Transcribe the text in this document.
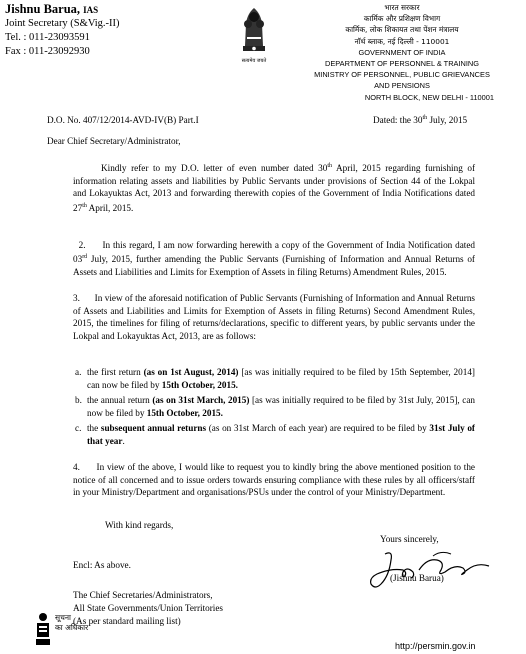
Jishnu Barua, IAS
Joint Secretary (S&Vig.-II)
Tel. : 011-23093591
Fax : 011-23092930
सत्यमेव जयते
भारत सरकार
कार्मिक और प्रशिक्षण विभाग
कार्मिक, लोक शिकायत तथा पेंशन मंत्रालय
नॉर्थ ब्लाक, नई दिल्ली - 110001
GOVERNMENT OF INDIA
DEPARTMENT OF PERSONNEL & TRAINING
MINISTRY OF PERSONNEL, PUBLIC GRIEVANCES
AND PENSIONS
NORTH BLOCK, NEW DELHI - 110001
D.O. No. 407/12/2014-AVD-IV(B) Part.I	Dated: the 30th July, 2015
Dear Chief Secretary/Administrator,
Kindly refer to my D.O. letter of even number dated 30th April, 2015 regarding furnishing of information relating assets and liabilities by Public Servants under provisions of Section 44 of the Lokpal and Lokayuktas Act, 2013 and forwarding therewith copies of the Government of India Notifications dated 27th April, 2015.

2.      In this regard, I am now forwarding herewith a copy of the Government of India Notification dated 03rd July, 2015, further amending the Public Servants (Furnishing of Information and Annual Returns of Assets and Liabilities and Limits for Exemption of Assets in filing Returns) Amendment Rules, 2015.

3.      In view of the aforesaid notification of Public Servants (Furnishing of Information and Annual Returns of Assets and Liabilities and Limits for Exemption of Assets in filing Returns) Second Amendment Rules, 2015, the timelines for filing of returns/declarations, specific to different years, by public servants under the Lokpal and Lokayuktas Act, 2013, are as follows:
a. the first return (as on 1st August, 2014) [as was initially required to be filed by 15th September, 2014] can now be filed by 15th October, 2015.
b. the annual return (as on 31st March, 2015) [as was initially required to be filed by 31st July, 2015], can now be filed by 15th October, 2015.
c. the subsequent annual returns (as on 31st March of each year) are required to be filed by 31st July of that year.
4.      In view of the above, I would like to request you to kindly bring the above mentioned position to the notice of all concerned and to issue orders towards ensuring compliance with these rules by all officers/staff in your Ministry/Department and organisations/PSUs under the control of your Ministry/Department.
With kind regards,
Yours sincerely,
(Jishnu Barua)
Encl: As above.
The Chief Secretaries/Administrators,
All State Governments/Union Territories
(As per standard mailing list)
सूचना
का अधिकार
http://persmin.gov.in
